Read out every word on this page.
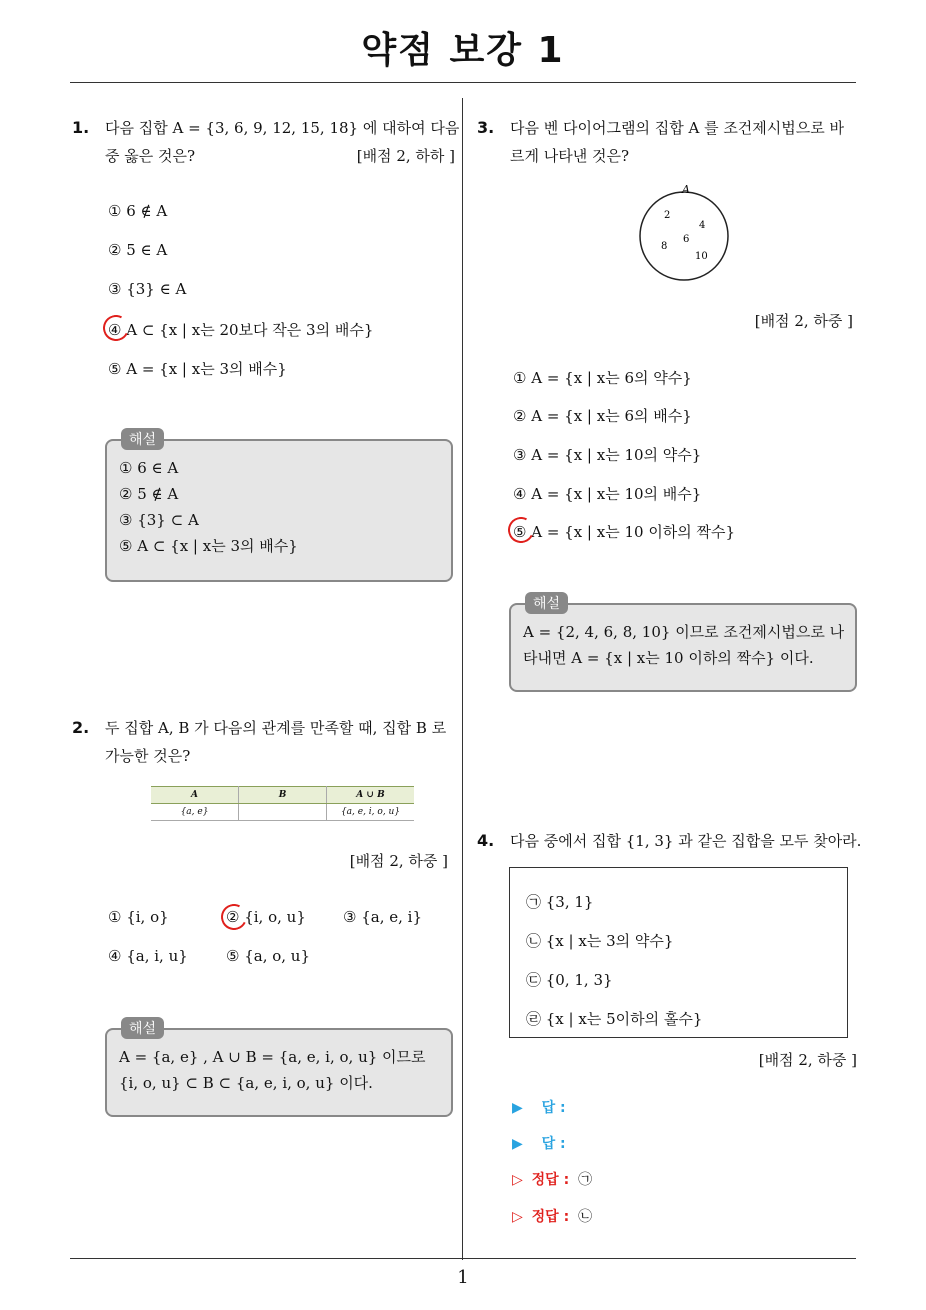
약점 보강 1
1
1. 다음 집합 A = {3, 6, 9, 12, 15, 18} 에 대하여 다음
중 옳은 것은?	[배점 2, 하하 ]
① 6 ∉ A
② 5 ∈ A
③ {3} ∈ A
④ A ⊂ {x | x는 20보다 작은 3의 배수}
⑤ A = {x | x는 3의 배수}
해설
① 6 ∈ A
② 5 ∉ A
③ {3} ⊂ A
⑤ A ⊂ {x | x는 3의 배수}
2. 두 집합 A, B 가 다음의 관계를 만족할 때, 집합 B 로
가능한 것은?
A	B	A ∪ B
{a, e}		{a, e, i, o, u}
[배점 2, 하중 ]
① {i, o}	② {i, o, u} ③ {a, e, i}
④ {a, i, u}	⑤ {a, o, u}
해설
A = {a, e} , A ∪ B = {a, e, i, o, u} 이므로
{i, o, u} ⊂ B ⊂ {a, e, i, o, u} 이다.
3. 다음 벤 다이어그램의 집합 A 를 조건제시법으로 바
르게 나타낸 것은?
A
2
4
6
8
10
[배점 2, 하중 ]
① A = {x | x는 6의 약수}
② A = {x | x는 6의 배수}
③ A = {x | x는 10의 약수}
④ A = {x | x는 10의 배수}
⑤ A = {x | x는 10 이하의 짝수}
해설
A = {2, 4, 6, 8, 10} 이므로 조건제시법으로 나
타내면 A = {x | x는 10 이하의 짝수} 이다.
4. 다음 중에서 집합 {1, 3} 과 같은 집합을 모두 찾아라.
㉠ {3, 1}
㉡ {x | x는 3의 약수}
㉢ {0, 1, 3}
㉣ {x | x는 5이하의 홀수}
[배점 2, 하중 ]
▶ 답 :
▶ 답 :
▷ 정답 : ㉠
▷ 정답 : ㉡
